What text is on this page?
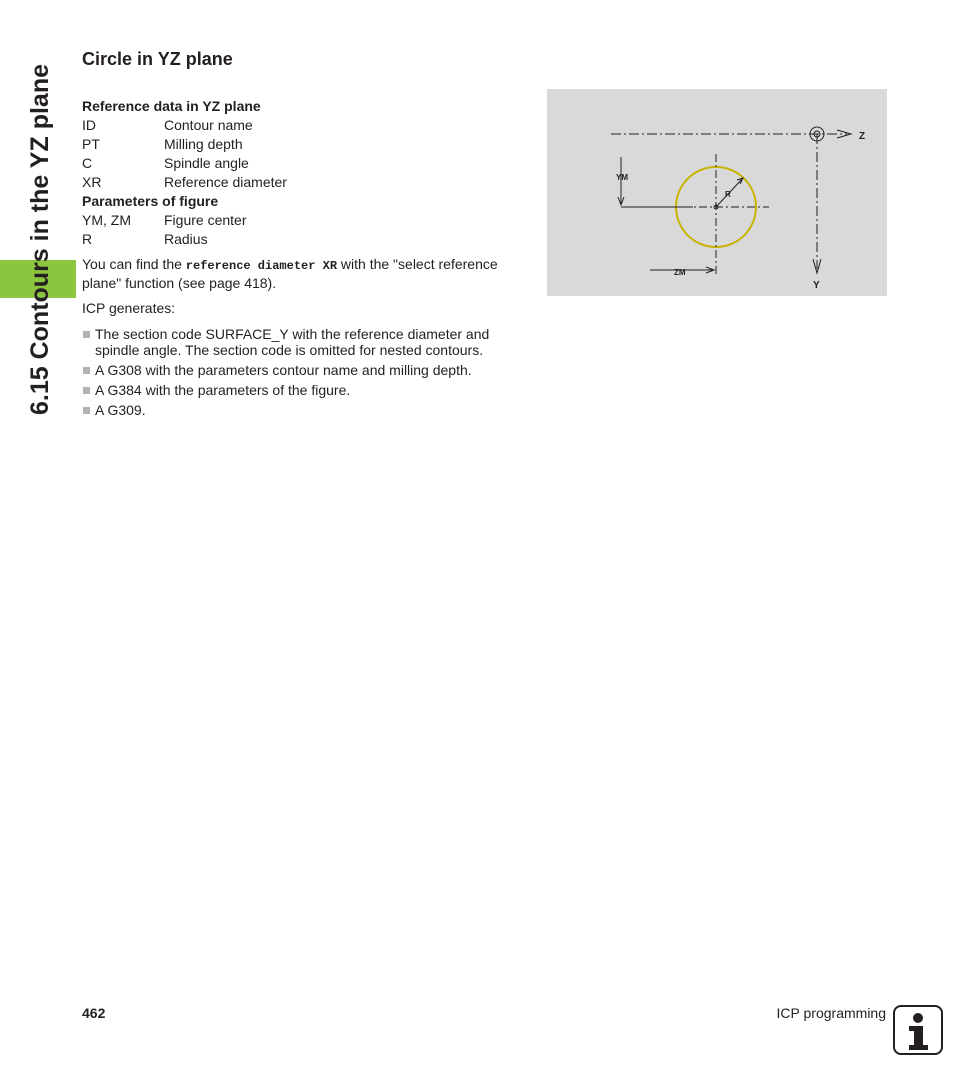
6.15 Contours in the YZ plane
Circle in YZ plane
Reference data in YZ plane
ID	Contour name
PT	Milling depth
C	Spindle angle
XR	Reference diameter
Parameters of figure
YM, ZM	Figure center
R	Radius
You can find the reference diameter XR with the "select reference plane" function (see page 418).
ICP generates:
The section code SURFACE_Y with the reference diameter and spindle angle. The section code is omitted for nested contours.
A G308 with the parameters contour name and milling depth.
A G384 with the parameters of the figure.
A G309.
Z
Y
R
YM
ZM
462	ICP programming
